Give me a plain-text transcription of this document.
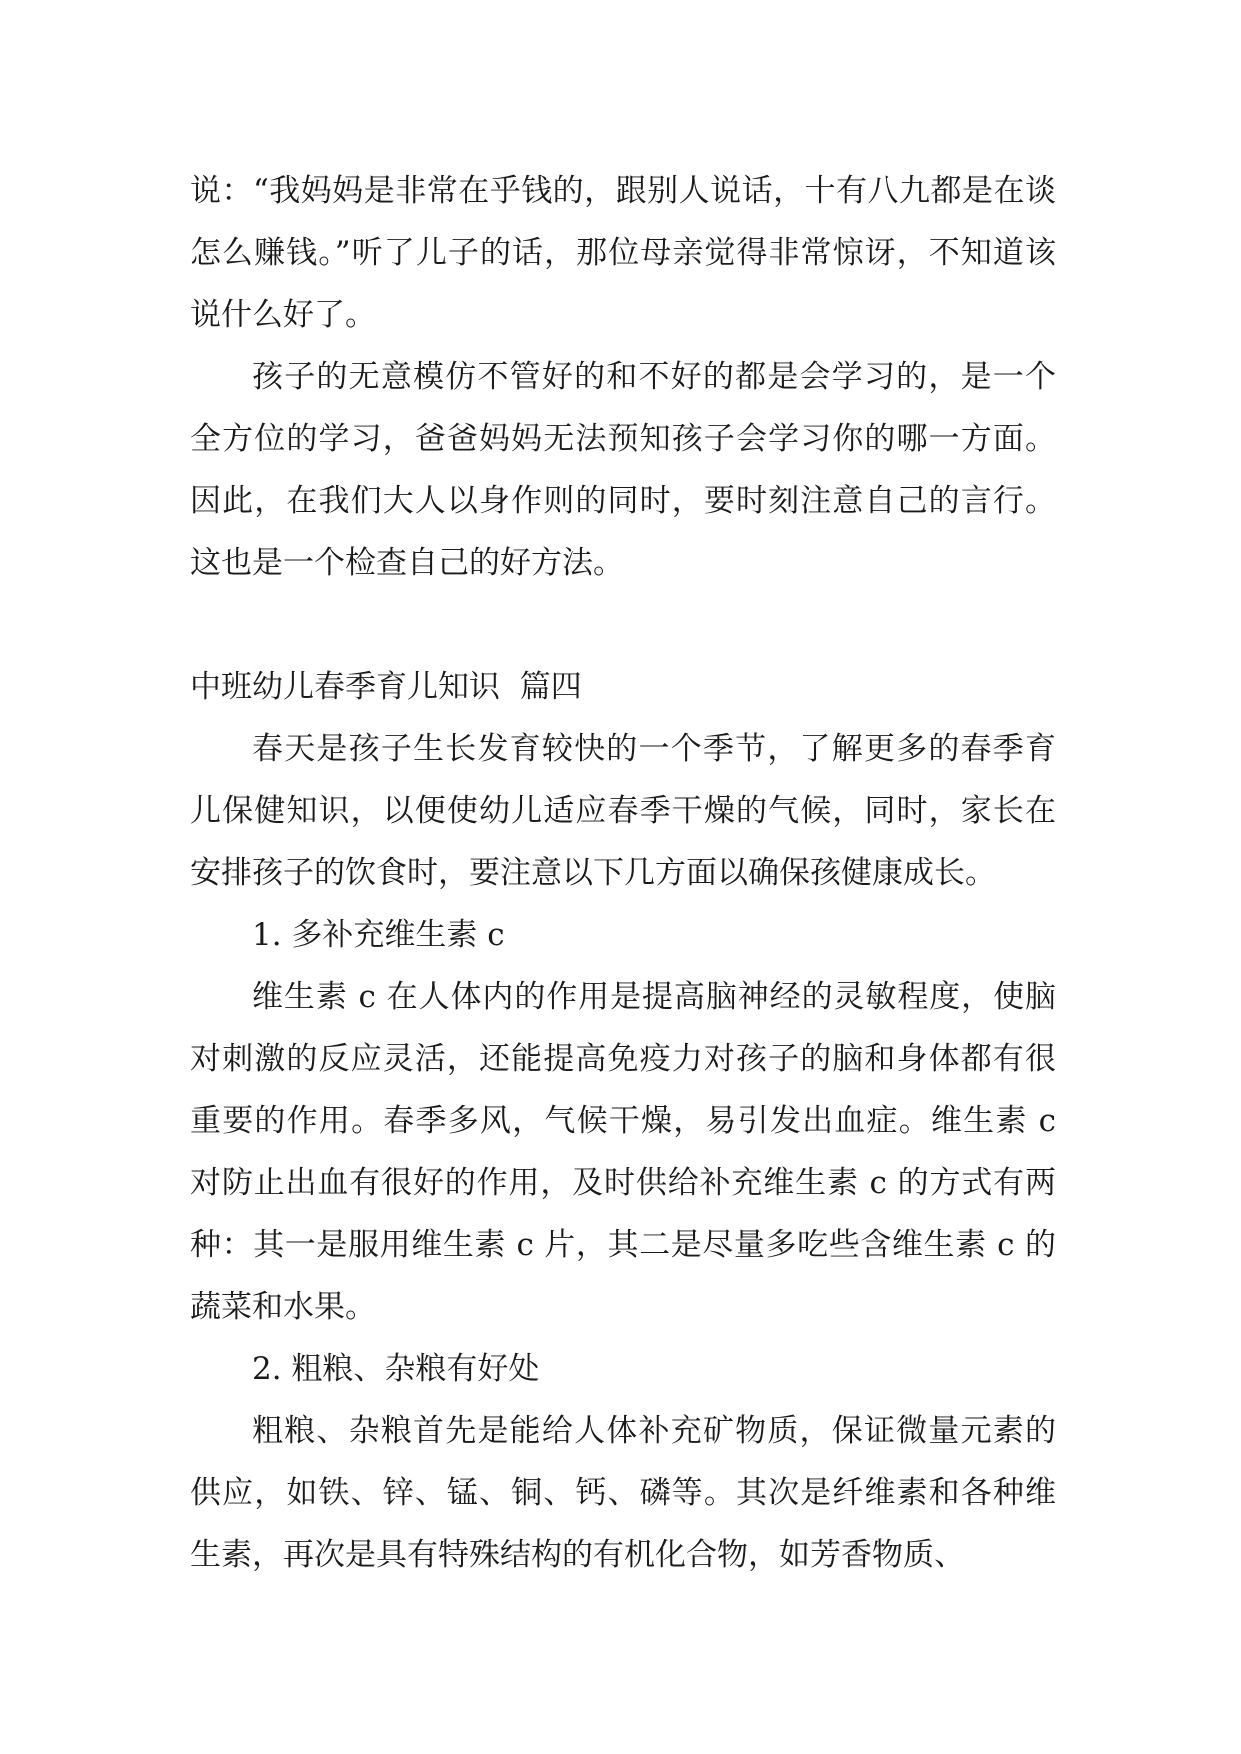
说：“我妈妈是非常在乎钱的，跟别人说话，十有八九都是在谈怎么赚钱。”听了儿子的话，那位母亲觉得非常惊讶，不知道该说什么好了。

孩子的无意模仿不管好的和不好的都是会学习的，是一个全方位的学习，爸爸妈妈无法预知孩子会学习你的哪一方面。因此，在我们大人以身作则的同时，要时刻注意自己的言行。这也是一个检查自己的好方法。

中班幼儿春季育儿知识  篇四

春天是孩子生长发育较快的一个季节，了解更多的春季育儿保健知识，以便使幼儿适应春季干燥的气候，同时，家长在安排孩子的饮食时，要注意以下几方面以确保孩健康成长。

1. 多补充维生素 c

维生素 c 在人体内的作用是提高脑神经的灵敏程度，使脑对刺激的反应灵活，还能提高免疫力对孩子的脑和身体都有很重要的作用。春季多风，气候干燥，易引发出血症。维生素 c 对防止出血有很好的作用，及时供给补充维生素 c 的方式有两种：其一是服用维生素 c 片，其二是尽量多吃些含维生素 c 的蔬菜和水果。

2. 粗粮、杂粮有好处

粗粮、杂粮首先是能给人体补充矿物质，保证微量元素的供应，如铁、锌、锰、铜、钙、磷等。其次是纤维素和各种维生素，再次是具有特殊结构的有机化合物，如芳香物质、
